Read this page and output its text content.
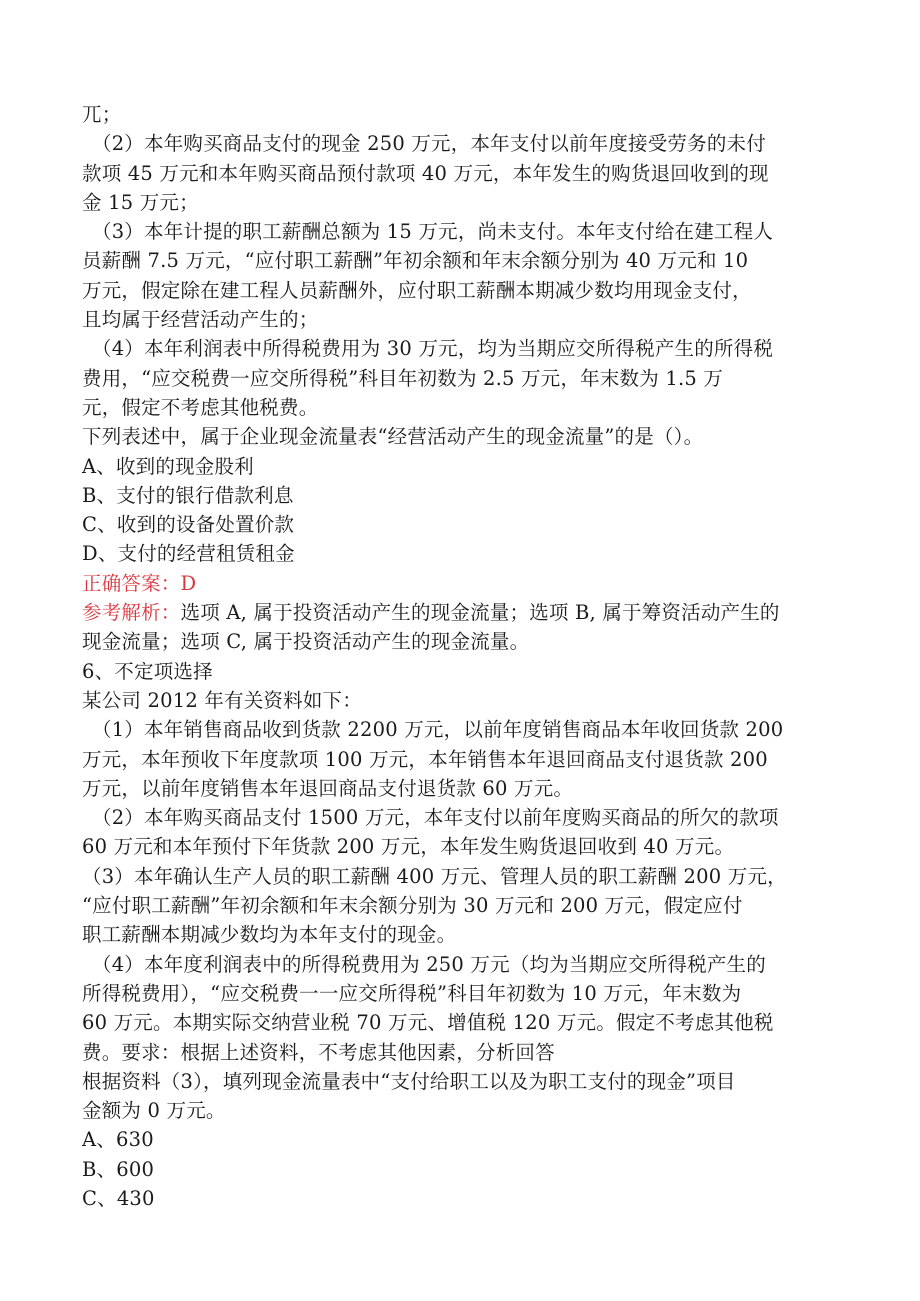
兀；
（2）本年购买商品支付的现金 250 万元，本年支付以前年度接受劳务的未付
款项 45 万元和本年购买商品预付款项 40 万元，本年发生的购货退回收到的现
金 15 万元；
（3）本年计提的职工薪酬总额为 15 万元，尚未支付。本年支付给在建工程人
员薪酬 7.5 万元，“应付职工薪酬”年初余额和年末余额分别为 40 万元和 10
万元，假定除在建工程人员薪酬外，应付职工薪酬本期减少数均用现金支付，
且均属于经营活动产生的；
（4）本年利润表中所得税费用为 30 万元，均为当期应交所得税产生的所得税
费用，“应交税费一应交所得税”科目年初数为 2.5 万元，年末数为 1.5 万
元，假定不考虑其他税费。
下列表述中，属于企业现金流量表“经营活动产生的现金流量”的是（）。
A、收到的现金股利
B、支付的银行借款利息
C、收到的设备处置价款
D、支付的经营租赁租金
正确答案：D
参考解析：选项 A, 属于投资活动产生的现金流量；选项 B, 属于筹资活动产生的
现金流量；选项 C, 属于投资活动产生的现金流量。
6、不定项选择
某公司 2012 年有关资料如下：
（1）本年销售商品收到货款 2200 万元，以前年度销售商品本年收回货款 200
万元，本年预收下年度款项 100 万元，本年销售本年退回商品支付退货款 200
万元，以前年度销售本年退回商品支付退货款 60 万元。
（2）本年购买商品支付 1500 万元，本年支付以前年度购买商品的所欠的款项
60 万元和本年预付下年货款 200 万元，本年发生购货退回收到 40 万元。
（3）本年确认生产人员的职工薪酬 400 万元、管理人员的职工薪酬 200 万元，
“应付职工薪酬”年初余额和年末余额分别为 30 万元和 200 万元，假定应付
职工薪酬本期减少数均为本年支付的现金。
（4）本年度利润表中的所得税费用为 250 万元（均为当期应交所得税产生的
所得税费用），“应交税费一一应交所得税”科目年初数为 10 万元，年末数为
60 万元。本期实际交纳营业税 70 万元、增值税 120 万元。假定不考虑其他税
费。要求：根据上述资料，不考虑其他因素，分析回答
根据资料（3），填列现金流量表中“支付给职工以及为职工支付的现金”项目
金额为 0 万元。
A、630
B、600
C、430
